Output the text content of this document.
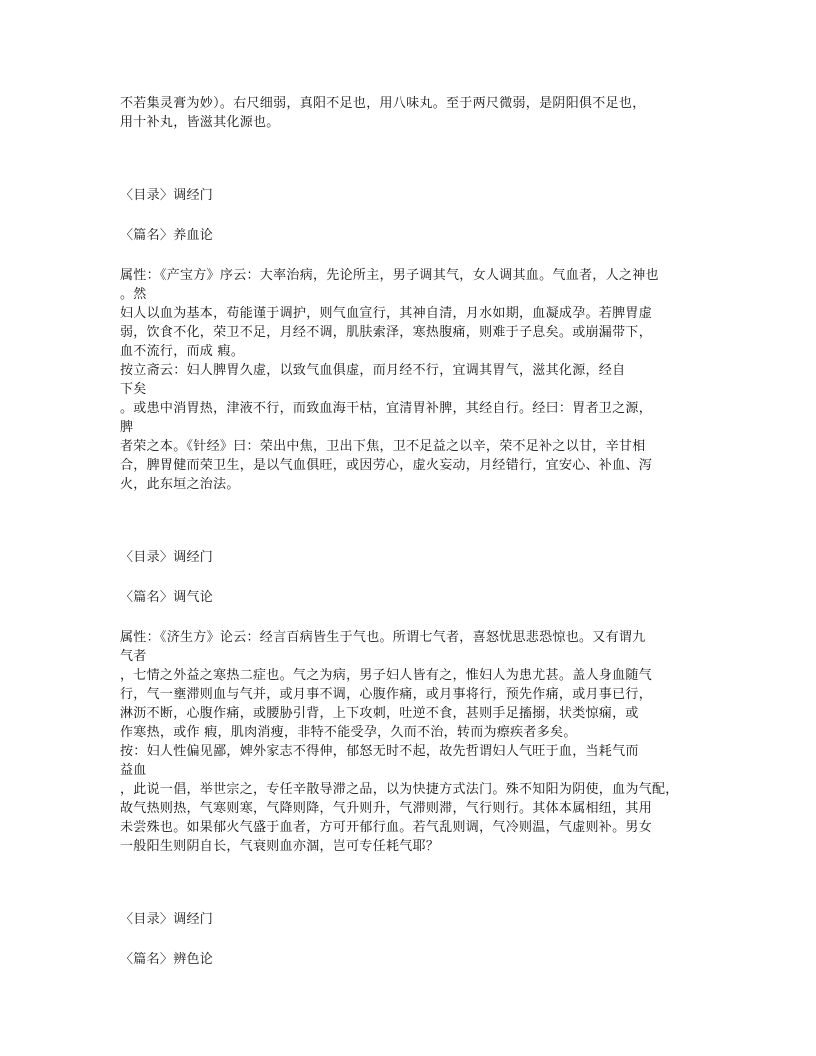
不若集灵膏为妙）。右尺细弱，真阳不足也，用八味丸。至于两尺微弱，是阴阳俱不足也，
用十补丸，皆滋其化源也。
〈目录〉调经门
〈篇名〉养血论
属性：《产宝方》序云：大率治病，先论所主，男子调其气，女人调其血。气血者，人之神也
。然
妇人以血为基本，苟能谨于调护，则气血宣行，其神自清，月水如期，血凝成孕。若脾胃虚
弱，饮食不化，荣卫不足，月经不调，肌肤索泽，寒热腹痛，则难于子息矣。或崩漏带下，
血不流行，而成 瘕。
按立斋云：妇人脾胃久虚，以致气血俱虚，而月经不行，宜调其胃气，滋其化源，经自
下矣
。或患中消胃热，津液不行，而致血海干枯，宜清胃补脾，其经自行。经曰：胃者卫之源，
脾
者荣之本。《针经》曰：荣出中焦，卫出下焦，卫不足益之以辛，荣不足补之以甘，辛甘相
合，脾胃健而荣卫生，是以气血俱旺，或因劳心，虚火妄动，月经错行，宜安心、补血、泻
火，此东垣之治法。
〈目录〉调经门
〈篇名〉调气论
属性：《济生方》论云：经言百病皆生于气也。所谓七气者，喜怒忧思悲恐惊也。又有谓九
气者
，七情之外益之寒热二症也。气之为病，男子妇人皆有之，惟妇人为患尤甚。盖人身血随气
行，气一壅滞则血与气并，或月事不调，心腹作痛，或月事将行，预先作痛，或月事已行，
淋沥不断，心腹作痛，或腰胁引背，上下攻刺，吐逆不食，甚则手足搐搦，状类惊痫，或
作寒热，或作 瘕，肌肉消瘦，非特不能受孕，久而不治，转而为瘵疾者多矣。
按：妇人性偏见鄙，婢外家志不得伸，郁怒无时不起，故先哲谓妇人气旺于血，当耗气而
益血
，此说一倡，举世宗之，专任辛散导滞之品，以为快捷方式法门。殊不知阳为阴使，血为气配，
故气热则热，气寒则寒，气降则降，气升则升，气滞则滞，气行则行。其体本属相纽，其用
未尝殊也。如果郁火气盛于血者，方可开郁行血。若气乱则调，气冷则温，气虚则补。男女
一般阳生则阴自长，气衰则血亦涸，岂可专任耗气耶？
〈目录〉调经门
〈篇名〉辨色论
